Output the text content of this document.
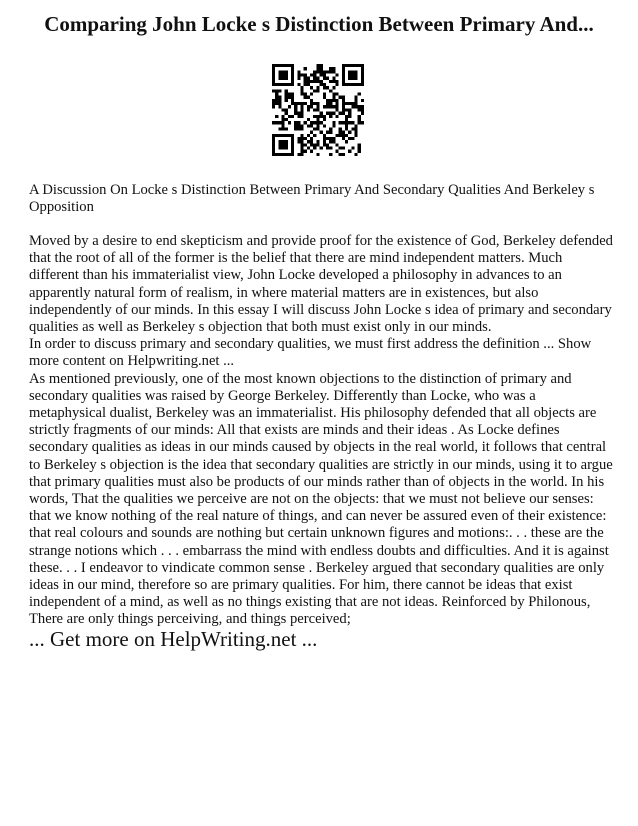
Comparing John Locke s Distinction Between Primary And...
A Discussion On Locke s Distinction Between Primary And Secondary Qualities And Berkeley s Opposition

Moved by a desire to end skepticism and provide proof for the existence of God, Berkeley defended that the root of all of the former is the belief that there are mind independent matters. Much different than his immaterialist view, John Locke developed a philosophy in advances to an apparently natural form of realism, in where material matters are in existences, but also independently of our minds. In this essay I will discuss John Locke s idea of primary and secondary qualities as well as Berkeley s objection that both must exist only in our minds.

In order to discuss primary and secondary qualities, we must first address the definition ... Show more content on Helpwriting.net ...

As mentioned previously, one of the most known objections to the distinction of primary and secondary qualities was raised by George Berkeley. Differently than Locke, who was a metaphysical dualist, Berkeley was an immaterialist. His philosophy defended that all objects are strictly fragments of our minds: All that exists are minds and their ideas . As Locke defines secondary qualities as ideas in our minds caused by objects in the real world, it follows that central to Berkeley s objection is the idea that secondary qualities are strictly in our minds, using it to argue that primary qualities must also be products of our minds rather than of objects in the world. In his words, That the qualities we perceive are not on the objects: that we must not believe our senses: that we know nothing of the real nature of things, and can never be assured even of their existence: that real colours and sounds are nothing but certain unknown figures and motions:. . . these are the strange notions which . . . embarrass the mind with endless doubts and difficulties. And it is against these. . . I endeavor to vindicate common sense . Berkeley argued that secondary qualities are only ideas in our mind, therefore so are primary qualities. For him, there cannot be ideas that exist independent of a mind, as well as no things existing that are not ideas. Reinforced by Philonous, There are only things perceiving, and things perceived;

... Get more on HelpWriting.net ...
